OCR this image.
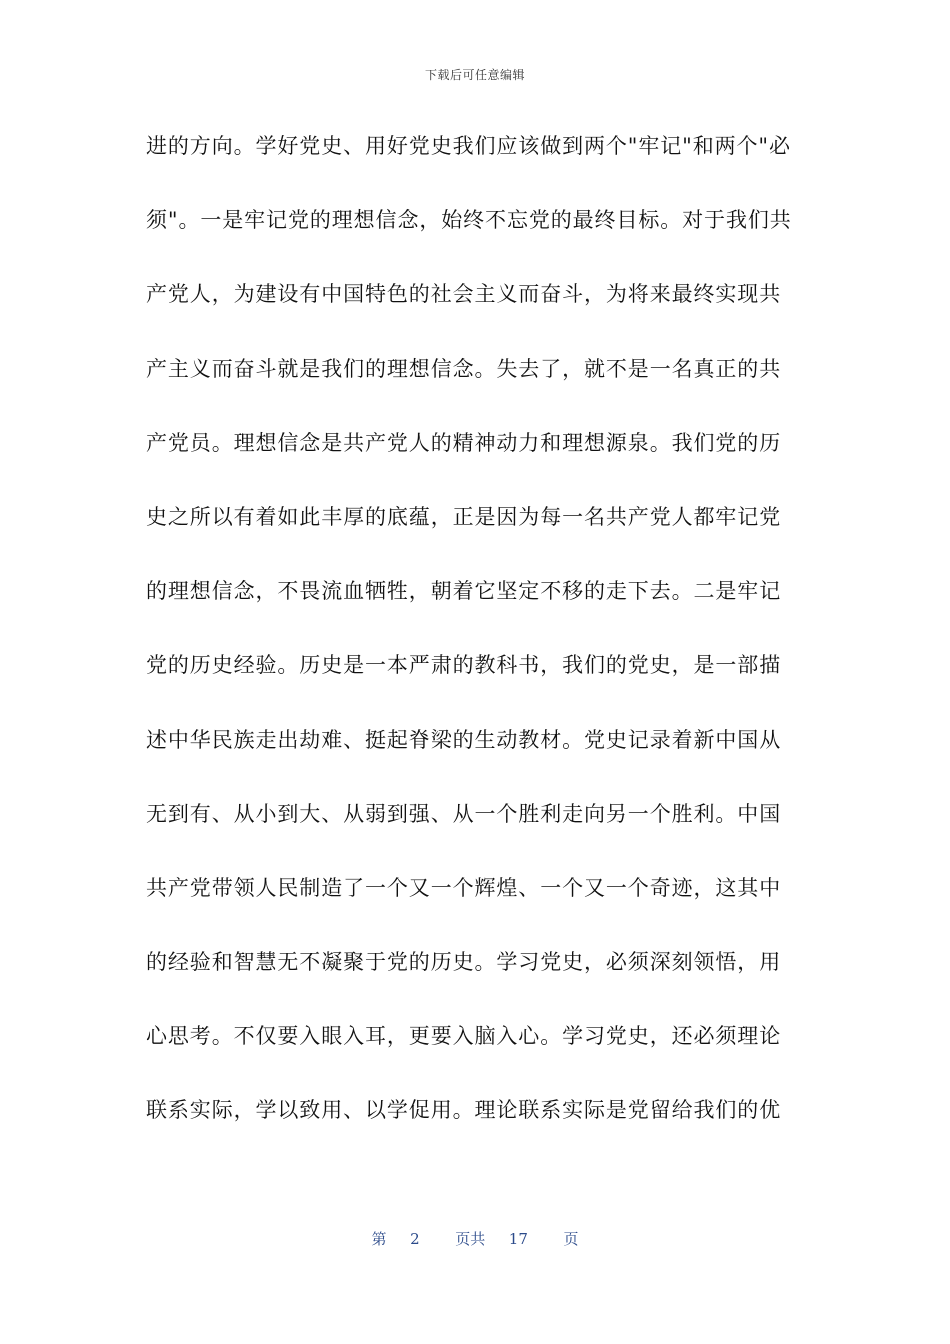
下载后可任意编辑
进的方向。学好党史、用好党史我们应该做到两个"牢记"和两个"必
须"。一是牢记党的理想信念，始终不忘党的最终目标。对于我们共
产党人，为建设有中国特色的社会主义而奋斗，为将来最终实现共
产主义而奋斗就是我们的理想信念。失去了，就不是一名真正的共
产党员。理想信念是共产党人的精神动力和理想源泉。我们党的历
史之所以有着如此丰厚的底蕴，正是因为每一名共产党人都牢记党
的理想信念，不畏流血牺牲，朝着它坚定不移的走下去。二是牢记
党的历史经验。历史是一本严肃的教科书，我们的党史，是一部描
述中华民族走出劫难、挺起脊梁的生动教材。党史记录着新中国从
无到有、从小到大、从弱到强、从一个胜利走向另一个胜利。中国
共产党带领人民制造了一个又一个辉煌、一个又一个奇迹，这其中
的经验和智慧无不凝聚于党的历史。学习党史，必须深刻领悟，用
心思考。不仅要入眼入耳，更要入脑入心。学习党史，还必须理论
联系实际，学以致用、以学促用。理论联系实际是党留给我们的优
第 2 页共 17 页
